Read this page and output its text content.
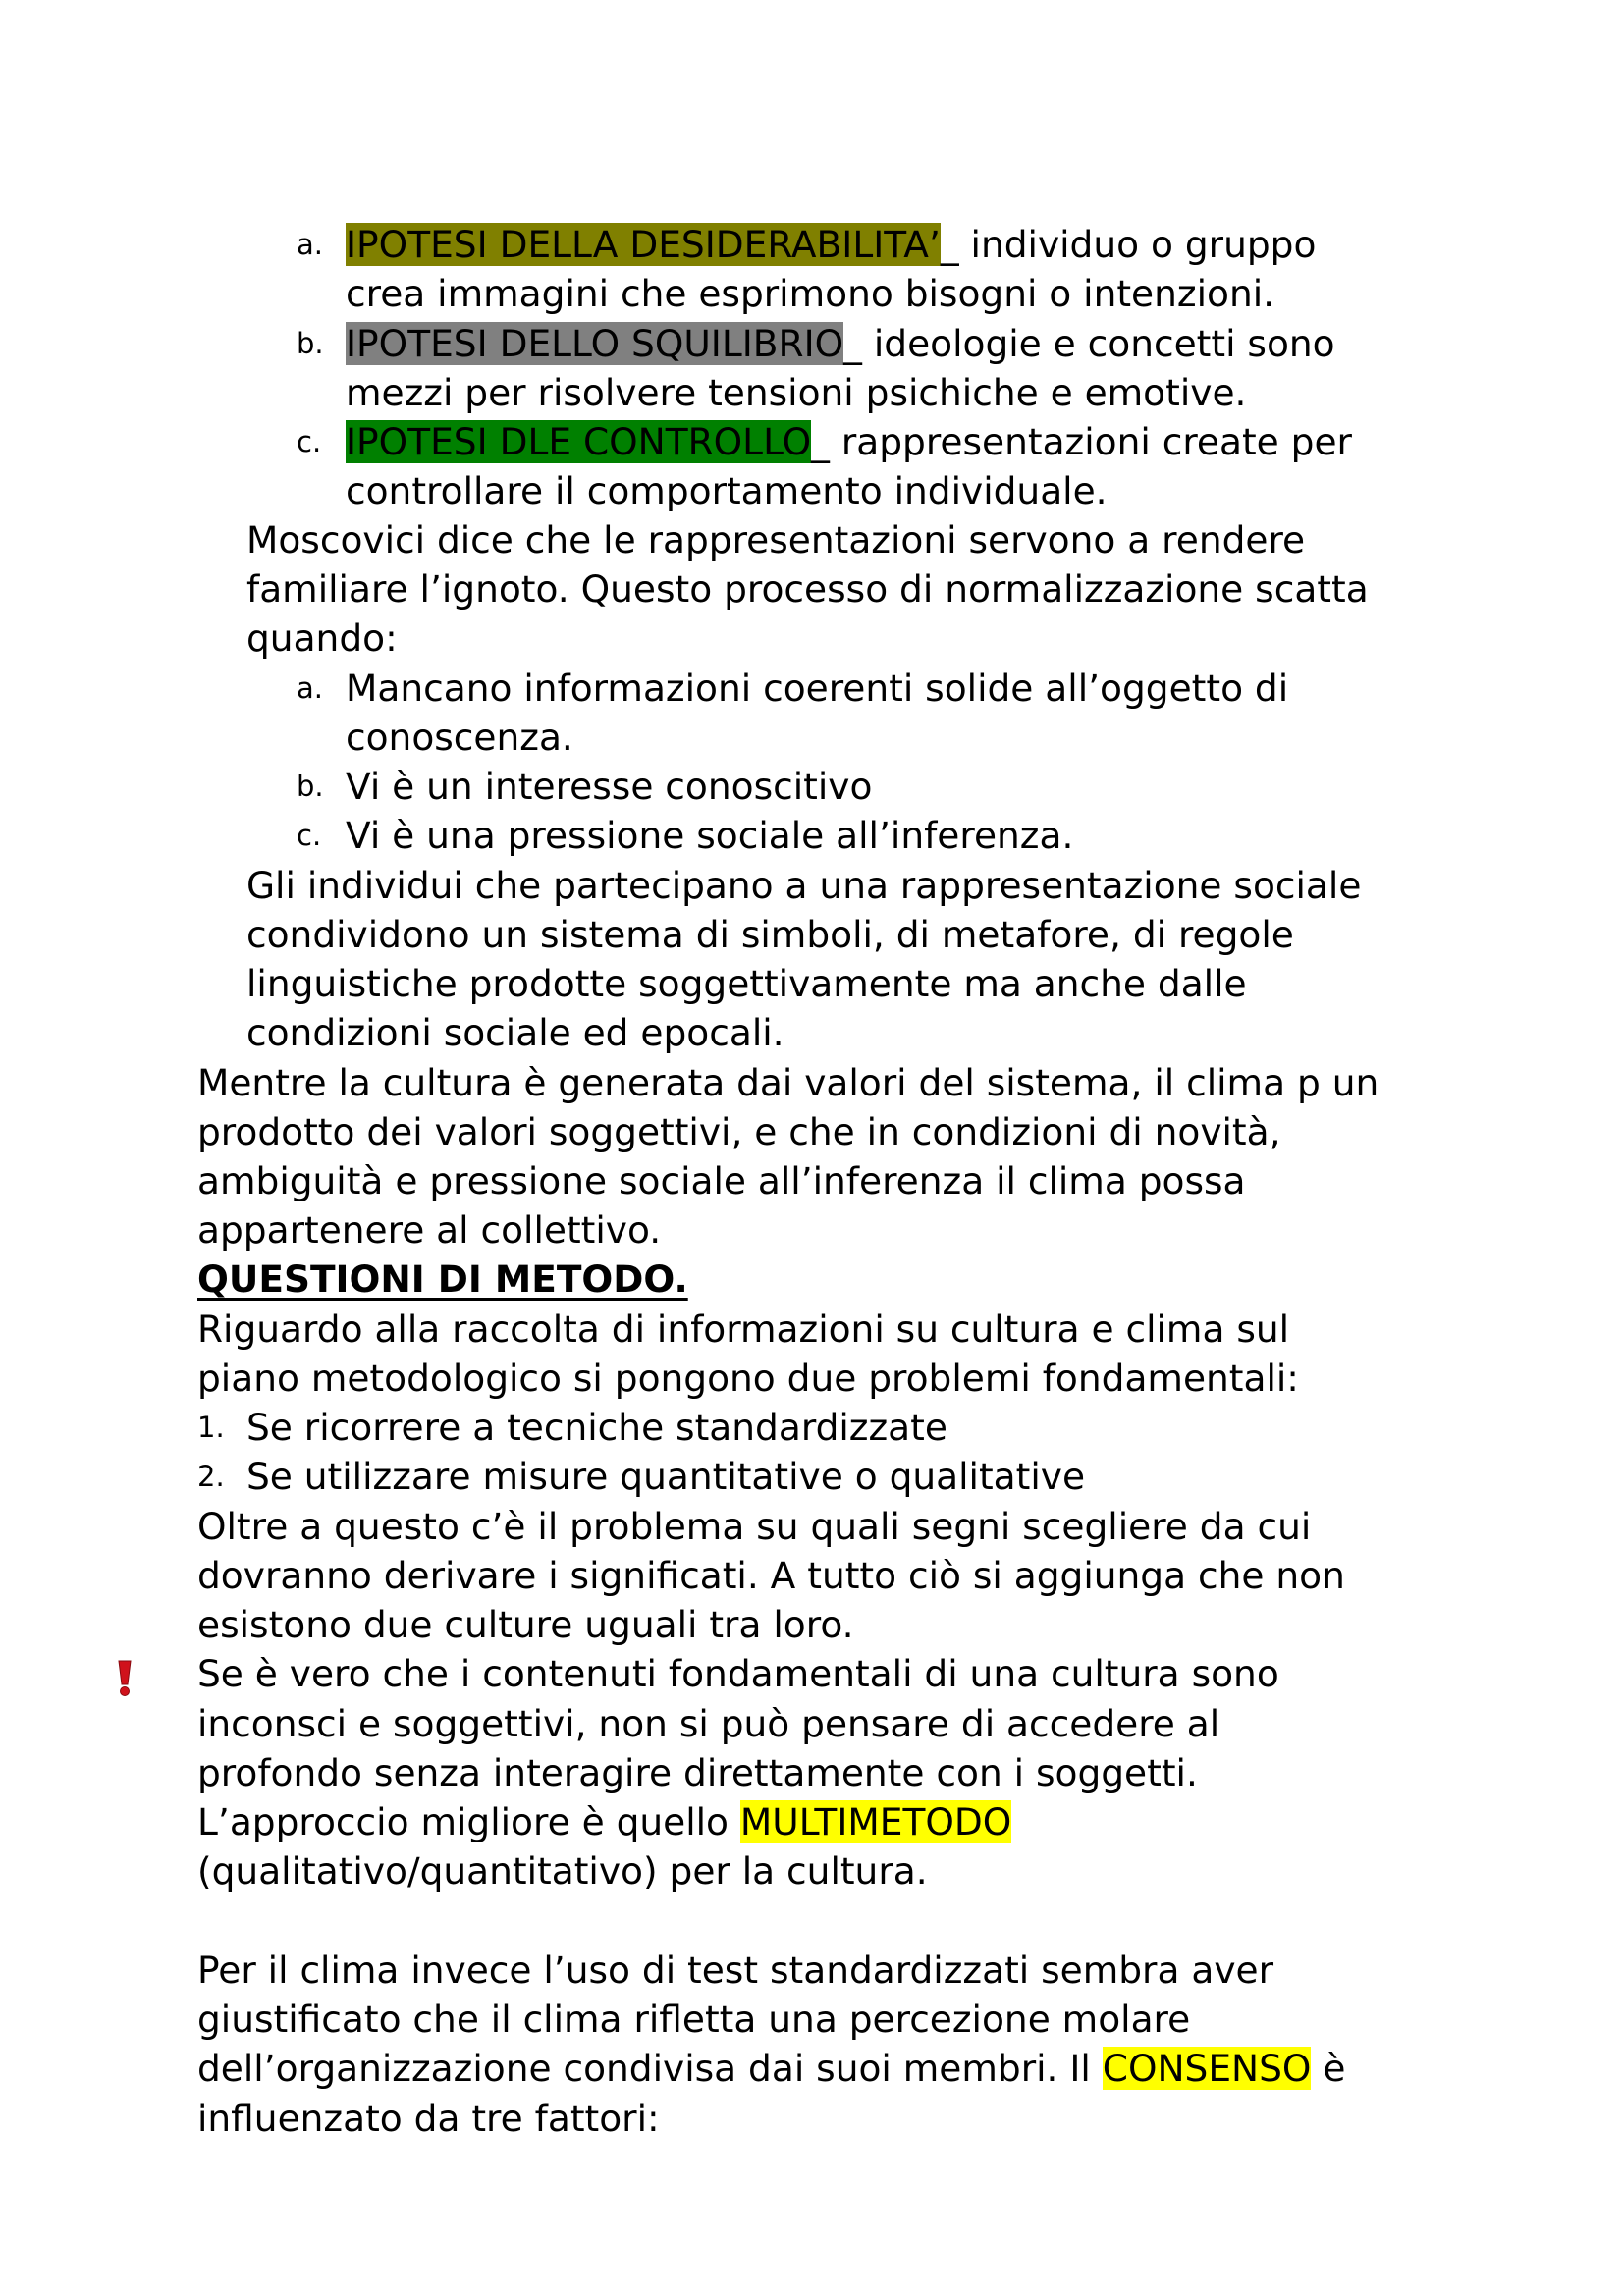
a. IPOTESI DELLA DESIDERABILITA’_ individuo o gruppo
crea immagini che esprimono bisogni o intenzioni.
b. IPOTESI DELLO SQUILIBRIO_ ideologie e concetti sono
mezzi per risolvere tensioni psichiche e emotive.
c. IPOTESI DLE CONTROLLO_ rappresentazioni create per
controllare il comportamento individuale.
Moscovici dice che le rappresentazioni servono a rendere
familiare l’ignoto. Questo processo di normalizzazione scatta
quando:
a. Mancano informazioni coerenti solide all’oggetto di
conoscenza.
b. Vi è un interesse conoscitivo
c. Vi è una pressione sociale all’inferenza.
Gli individui che partecipano a una rappresentazione sociale
condividono un sistema di simboli, di metafore, di regole
linguistiche prodotte soggettivamente ma anche dalle
condizioni sociale ed epocali.
Mentre la cultura è generata dai valori del sistema, il clima p un
prodotto dei valori soggettivi, e che in condizioni di novità,
ambiguità e pressione sociale all’inferenza il clima possa
appartenere al collettivo.
QUESTIONI DI METODO.
Riguardo alla raccolta di informazioni su cultura e clima sul
piano metodologico si pongono due problemi fondamentali:
1. Se ricorrere a tecniche standardizzate
2. Se utilizzare misure quantitative o qualitative
Oltre a questo c’è il problema su quali segni scegliere da cui
dovranno derivare i significati. A tutto ciò si aggiunga che non
esistono due culture uguali tra loro.
Se è vero che i contenuti fondamentali di una cultura sono
inconsci e soggettivi, non si può pensare di accedere al
profondo senza interagire direttamente con i soggetti.
L’approccio migliore è quello MULTIMETODO
(qualitativo/quantitativo) per la cultura.
Per il clima invece l’uso di test standardizzati sembra aver
giustificato che il clima rifletta una percezione molare
dell’organizzazione condivisa dai suoi membri. Il CONSENSO è
influenzato da tre fattori:
